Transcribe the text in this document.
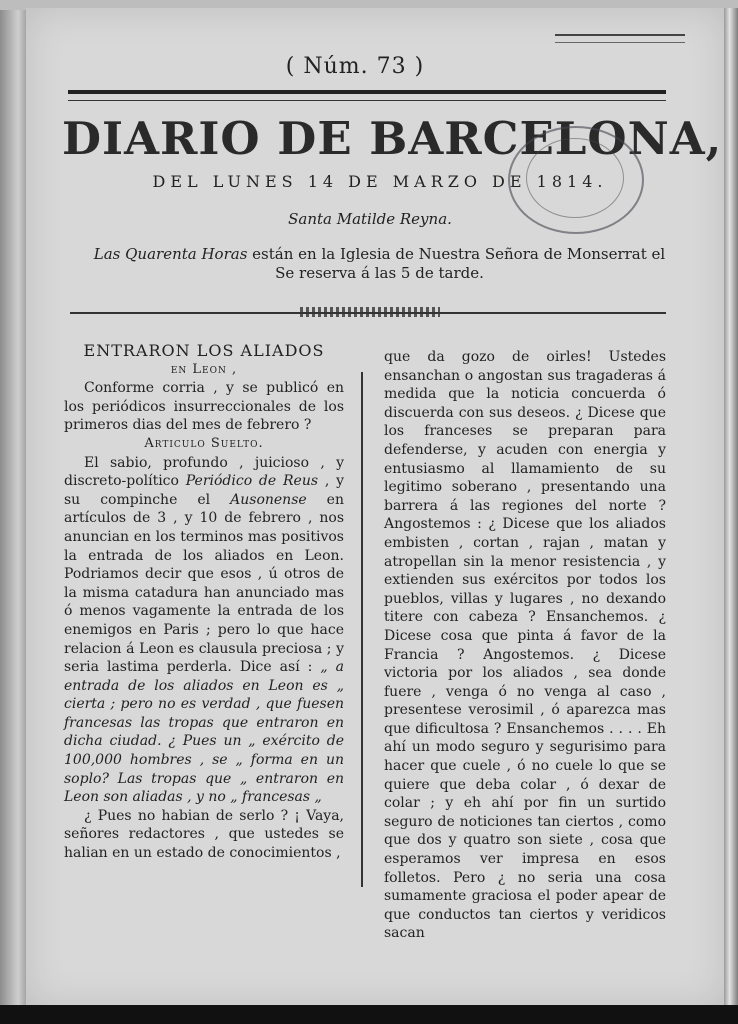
( Núm. 73 )
DIARIO DE BARCELONA,
DEL LUNES 14 DE MARZO DE 1814.
Santa Matilde Reyna.
Las Quarenta Horas están en la Iglesia de Nuestra Señora de Monserrat el Se reserva á las 5 de tarde.

ENTRARON LOS ALIADOS

en Leon ,

Conforme corria , y se publicó en los periódicos insurreccionales de los primeros dias del mes de febrero ?

Articulo Suelto.

El sabio, profundo , juicioso , y discreto-político Periódico de Reus , y su compinche el Ausonense en artículos de 3 , y 10 de febrero , nos anuncian en los terminos mas positivos la entrada de los aliados en Leon. Podriamos decir que esos , ú otros de la misma catadura han anunciado mas ó menos vagamente la entrada de los enemigos en Paris ; pero lo que hace relacion á Leon es clausula preciosa ; y seria lastima perderla. Dice así : „ a entrada de los aliados en Leon es „ cierta ; pero no es verdad , que fuesen francesas las tropas que entraron en dicha ciudad. ¿ Pues un „ exército de 100,000 hombres , se „ forma en un soplo? Las tropas que „ entraron en Leon son aliadas , y no „ francesas „

¿ Pues no habian de serlo ? ¡ Vaya, señores redactores , que ustedes se halian en un estado de conocimientos ,

que da gozo de oirles! Ustedes ensanchan o angostan sus tragaderas á medida que la noticia concuerda ó discuerda con sus deseos. ¿ Dicese que los franceses se preparan para defenderse, y acuden con energia y entusiasmo al llamamiento de su legitimo soberano , presentando una barrera á las regiones del norte ? Angostemos : ¿ Dicese que los aliados embisten , cortan , rajan , matan y atropellan sin la menor resistencia , y extienden sus exércitos por todos los pueblos, villas y lugares , no dexando titere con cabeza ? Ensanchemos. ¿ Dicese cosa que pinta á favor de la Francia ? Angostemos. ¿ Dicese victoria por los aliados , sea donde fuere , venga ó no venga al caso , presentese verosimil , ó aparezca mas que dificultosa ? Ensanchemos . . . . Eh ahí un modo seguro y segurisimo para hacer que cuele , ó no cuele lo que se quiere que deba colar , ó dexar de colar ; y eh ahí por fin un surtido seguro de noticiones tan ciertos , como que dos y quatro son siete , cosa que esperamos ver impresa en esos folletos. Pero ¿ no seria una cosa sumamente graciosa el poder apear de que conductos tan ciertos y veridicos sacan
